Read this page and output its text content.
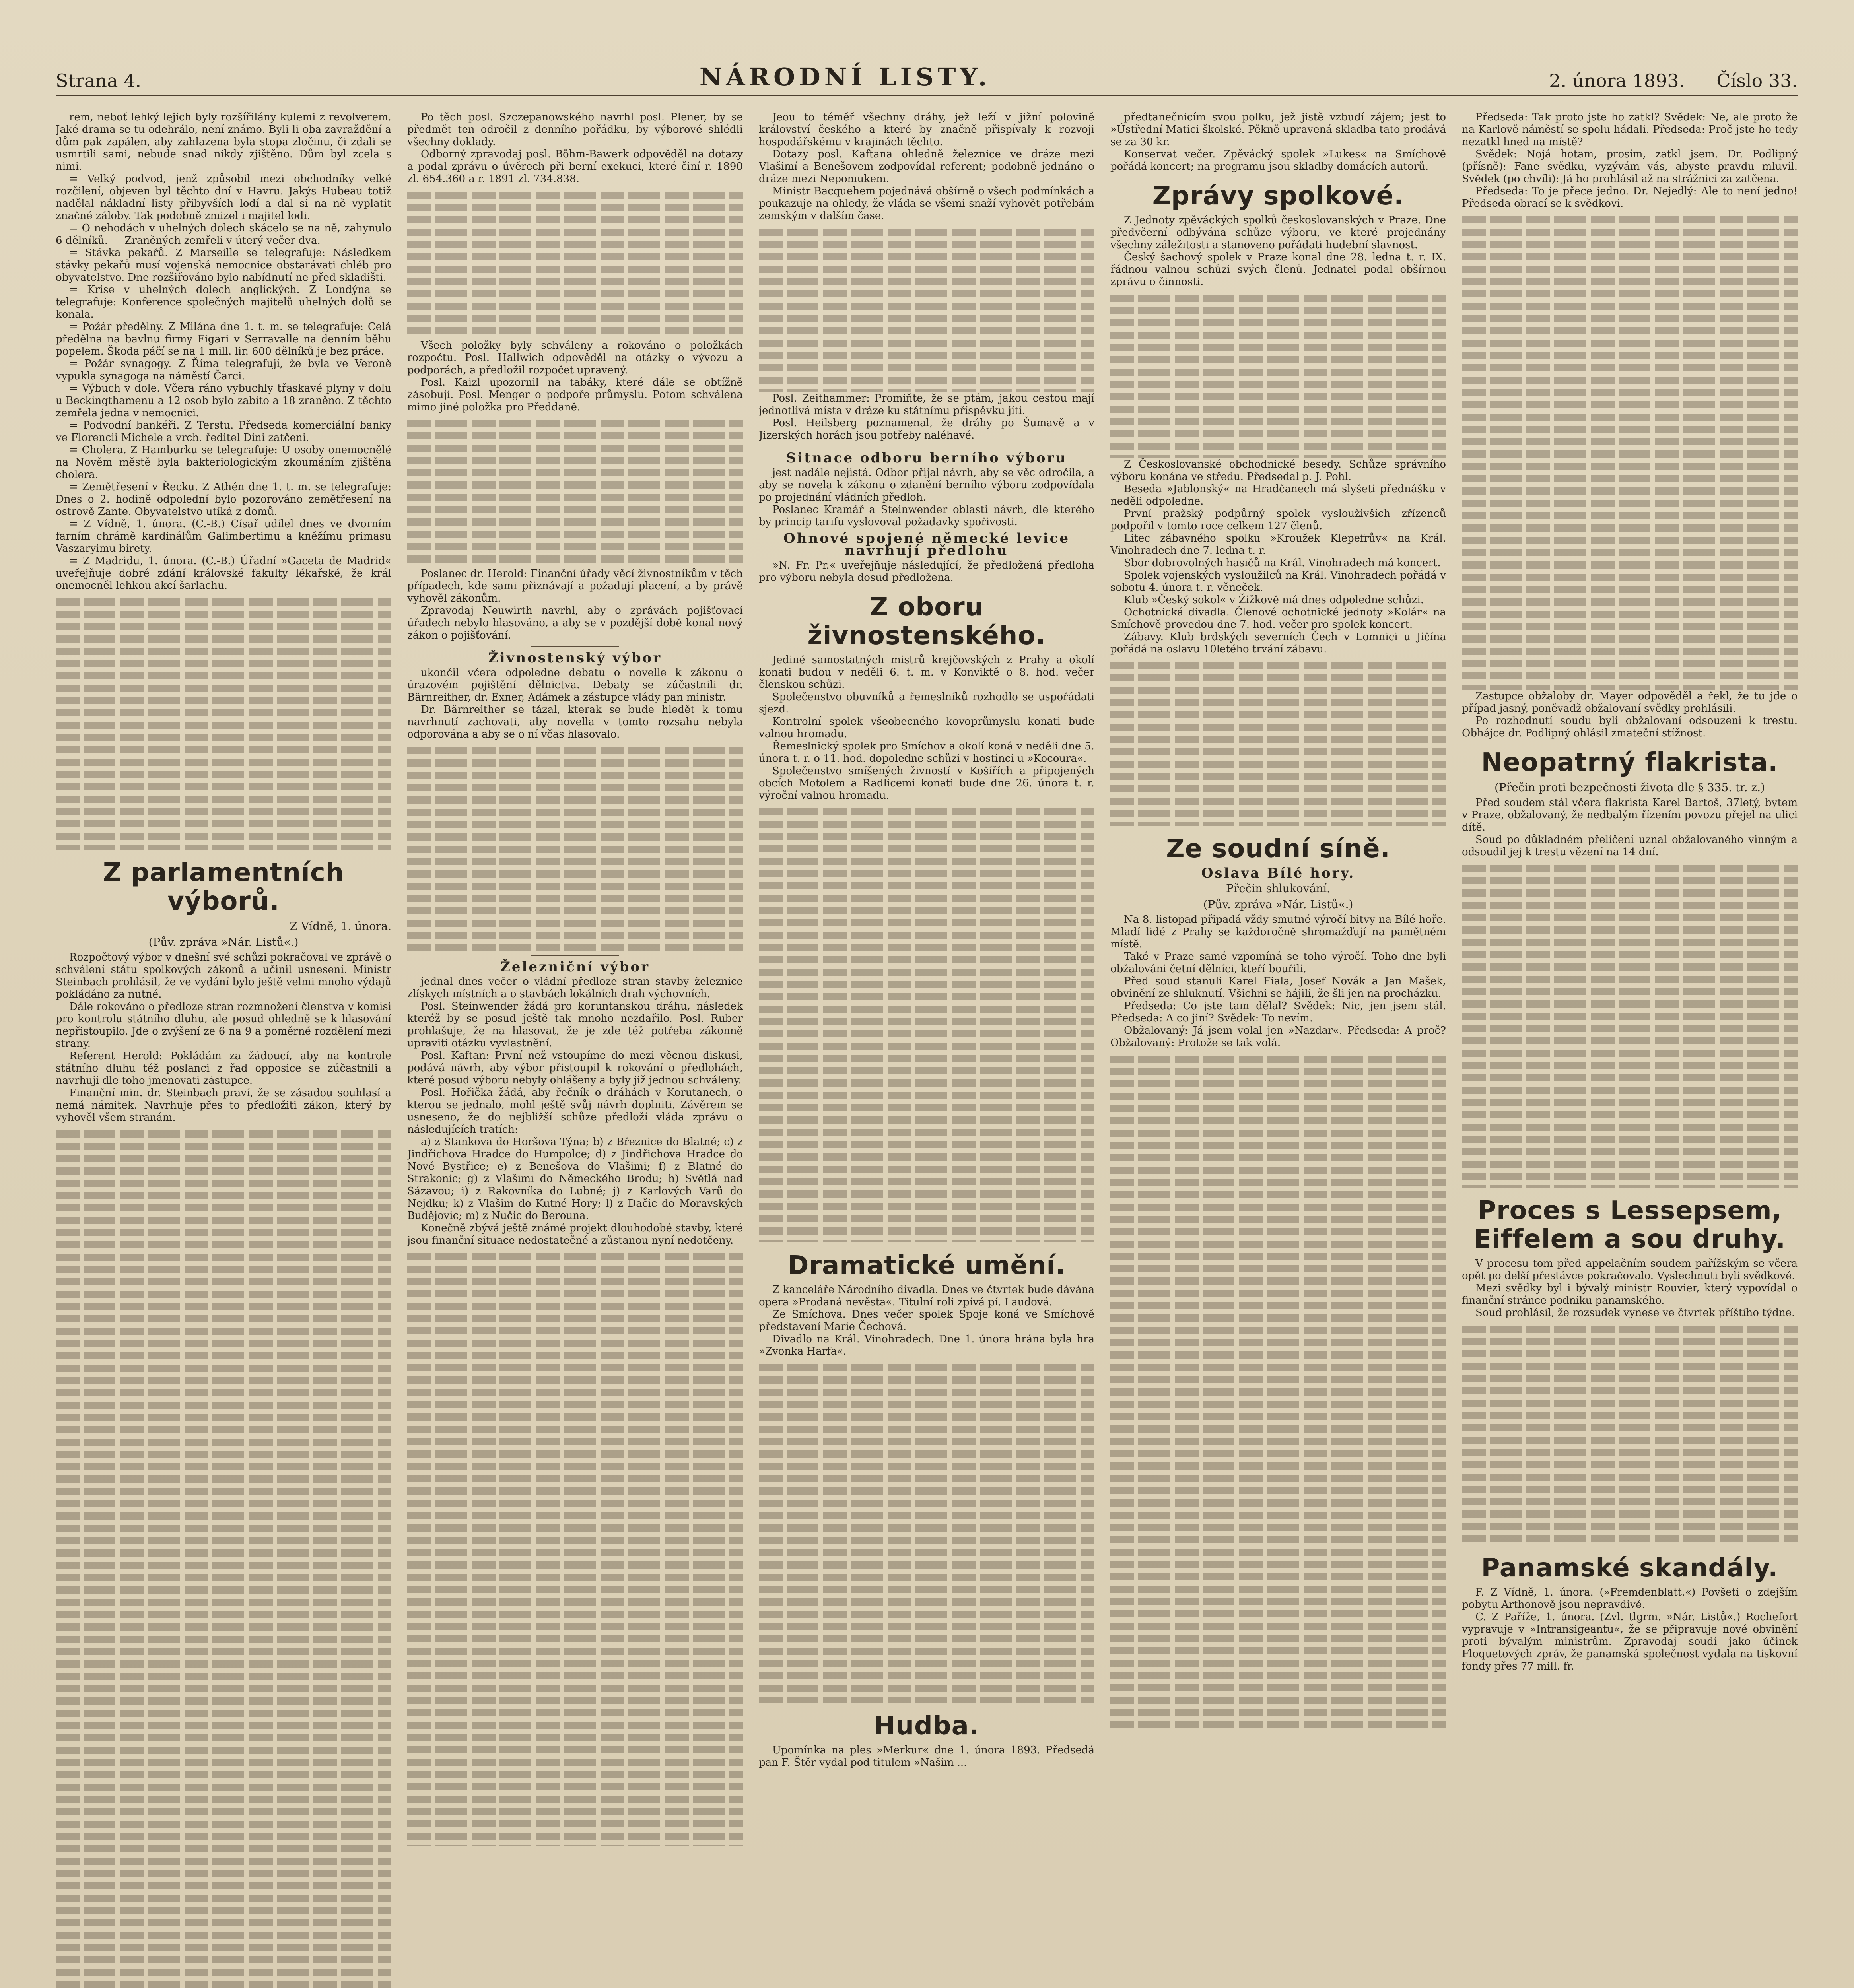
Strana 4.	NÁRODNÍ LISTY.	2. února 1893. Číslo 33.

rem, neboť lehký lejich byly rozšířilány kulemi z revolverem. Jaké drama se tu odehrálo, není známo. Byli-li oba zavraždění a dům pak zapálen, aby zahlazena byla stopa zločinu, či zdali se usmrtili sami, nebude snad nikdy zjištěno. Dům byl zcela s nimi.

= Velký podvod, jenž způsobil mezi obchodníky velké rozčilení, objeven byl těchto dní v Havru. Jakýs Hubeau totiž nadělal nákladní listy přibyvších lodí a dal si na ně vyplatit značné záloby. Tak podobně zmizel i majitel lodi.

= O nehodách v uhelných dolech skácelo se na ně, zahynulo 6 dělníků. — Zraněných zemřeli v úterý večer dva.

= Stávka pekařů. Z Marseille se telegrafuje: Následkem stávky pekařů musí vojenská nemocnice obstarávati chléb pro obyvatelstvo. Dne rozšiřováno bylo nabídnutí ne před skladišti.

= Krise v uhelných dolech anglických. Z Londýna se telegrafuje: Konference společných majitelů uhelných dolů se konala.

= Požár předělny. Z Milána dne 1. t. m. se telegrafuje: Celá předělna na bavlnu firmy Figari v Serravalle na denním běhu popelem. Škoda páčí se na 1 mill. lir. 600 dělníků je bez práce.

= Požár synagogy. Z Říma telegrafují, že byla ve Veroně vypukla synagoga na náměstí Čarci.

= Výbuch v dole. Včera ráno vybuchly třaskavé plyny v dolu u Beckingthamenu a 12 osob bylo zabito a 18 zraněno. Z těchto zemřela jedna v nemocnici.

= Podvodní bankéři. Z Terstu. Předseda komerciální banky ve Florencii Michele a vrch. ředitel Dini zatčeni.

= Cholera. Z Hamburku se telegrafuje: U osoby onemocnělé na Nověm městě byla bakteriologickým zkoumáním zjištěna cholera.

= Zemětřesení v Řecku. Z Athén dne 1. t. m. se telegrafuje: Dnes o 2. hodině odpolední bylo pozorováno zemětřesení na ostrově Zante. Obyvatelstvo utíká z domů.

= Z Vídně, 1. února. (C.-B.) Císař udílel dnes ve dvorním farním chrámě kardinálům Galimbertimu a kněžímu primasu Vaszaryimu birety.

= Z Madridu, 1. února. (C.-B.) Úřadní »Gaceta de Madrid« uveřejňuje dobré zdání královské fakulty lékařské, že král onemocněl lehkou akcí šarlachu.

Z parlamentních výborů.
Z Vídně, 1. února.
(Pův. zpráva »Nár. Listů«.)

Rozpočtový výbor v dnešní své schůzi pokračoval ve zprávě o schválení státu spolkových zákonů a učinil usnesení. Ministr Steinbach prohlásil, že ve vydání bylo ještě velmi mnoho výdajů pokládáno za nutné.

Dále rokováno o předloze stran rozmnožení členstva v komisi pro kontrolu státního dluhu, ale posud ohledně se k hlasování nepřistoupilo. Jde o zvýšení ze 6 na 9 a poměrné rozdělení mezi strany.

Referent Herold: Pokládám za žádoucí, aby na kontrole státního dluhu též poslanci z řad opposice se zúčastnili a navrhuji dle toho jmenovati zástupce.

Finanční min. dr. Steinbach praví, že se zásadou souhlasí a nemá námitek. Navrhuje přes to předložiti zákon, který by vyhověl všem stranám.

Po těch posl. Szczepanowského navrhl posl. Plener, by se předmět ten odročil z denního pořádku, by výborové shlédli všechny doklady.

Odborný zpravodaj posl. Böhm-Bawerk odpověděl na dotazy a podal zprávu o úvěrech při berní exekuci, které činí r. 1890 zl. 654.360 a r. 1891 zl. 734.838.

Všech položky byly schváleny a rokováno o položkách rozpočtu. Posl. Hallwich odpověděl na otázky o vývozu a podporách, a předložil rozpočet upravený.

Posl. Kaizl upozornil na tabáky, které dále se obtížně zásobují. Posl. Menger o podpoře průmyslu. Potom schválena mimo jiné položka pro Předdaně.

Poslanec dr. Herold: Finanční úřady věcí živnostníkům v těch případech, kde sami přiznávají a požadují placení, a by právě vyhověl zákonům.

Zpravodaj Neuwirth navrhl, aby o zprávách pojišťovací úřadech nebylo hlasováno, a aby se v pozdější době konal nový zákon o pojišťování.

Živnostenský výbor

ukončil včera odpoledne debatu o novelle k zákonu o úrazovém pojištění dělnictva. Debaty se zúčastnili dr. Bärnreither, dr. Exner, Adámek a zástupce vlády pan ministr.

Dr. Bärnreither se tázal, kterak se bude hledět k tomu navrhnutí zachovati, aby novella v tomto rozsahu nebyla odporována a aby se o ní včas hlasovalo.

Železniční výbor

jednal dnes večer o vládní předloze stran stavby železnice zlískych místních a o stavbách lokálních drah výchovních.

Posl. Steinwender žádá pro koruntanskou dráhu, následek kteréž by se posud ještě tak mnoho nezdařilo. Posl. Ruber prohlašuje, že na hlasovat, že je zde též potřeba zákonně upraviti otázku vyvlastnění.

Posl. Kaftan: První než vstoupíme do mezi věcnou diskusi, podává návrh, aby výbor přistoupil k rokování o předlohách, které posud výboru nebyly ohlášeny a byly již jednou schváleny.

Posl. Hořička žádá, aby řečník o dráhách v Korutanech, o kterou se jednalo, mohl ještě svůj návrh doplniti. Závěrem se usneseno, že do nejbližší schůze předloží vláda zprávu o následujících tratích:

a) z Stankova do Horšova Týna; b) z Březnice do Blatné; c) z Jindřichova Hradce do Humpolce; d) z Jindřichova Hradce do Nové Bystřice; e) z Benešova do Vlašimi; f) z Blatné do Strakonic; g) z Vlašimi do Německého Brodu; h) Světlá nad Sázavou; i) z Rakovníka do Lubné; j) z Karlových Varů do Nejdku; k) z Vlašim do Kutné Hory; l) z Dačic do Moravských Budějovic; m) z Nučic do Berouna.

Konečně zbývá ještě známé projekt dlouhodobé stavby, které jsou finanční situace nedostatečné a zůstanou nyní nedotčeny.

Jeou to téměř všechny dráhy, jež leží v jižní polovině království českého a které by značně přispívaly k rozvoji hospodářskému v krajinách těchto.

Dotazy posl. Kaftana ohledně železnice ve dráze mezi Vlašimí a Benešovem zodpovídal referent; podobně jednáno o dráze mezi Nepomukem.

Ministr Bacquehem pojednává obšírně o všech podmínkách a poukazuje na ohledy, že vláda se všemi snaží vyhovět potřebám zemským v dalším čase.

Posl. Zeithammer: Promiňte, že se ptám, jakou cestou mají jednotlivá místa v dráze ku státnímu příspěvku jíti.

Posl. Heilsberg poznamenal, že dráhy po Šumavě a v Jizerských horách jsou potřeby naléhavé.

Sitnace odboru berního výboru

jest nadále nejistá. Odbor přijal návrh, aby se věc odročila, a aby se novela k zákonu o zdanění berního výboru zodpovídala po projednání vládních předloh.

Poslanec Kramář a Steinwender oblasti návrh, dle kterého by princip tarifu vyslovoval požadavky spořivosti.

Ohnové spojené německé levice navrhují předlohu

»N. Fr. Pr.« uveřejňuje následující, že předložená předloha pro výboru nebyla dosud předložena.

Z oboru živnostenského.

Jediné samostatných mistrů krejčovských z Prahy a okolí konati budou v neděli 6. t. m. v Konviktě o 8. hod. večer členskou schůzi.

Společenstvo obuvníků a řemeslníků rozhodlo se uspořádati sjezd.

Kontrolní spolek všeobecného kovoprůmyslu konati bude valnou hromadu.

Řemeslnický spolek pro Smíchov a okolí koná v neděli dne 5. února t. r. o 11. hod. dopoledne schůzi v hostinci u »Kocoura«.

Společenstvo smíšených živností v Košířích a připojených obcích Motolem a Radlicemi konati bude dne 26. února t. r. výroční valnou hromadu.

Dramatické umění.

Z kanceláře Národního divadla. Dnes ve čtvrtek bude dávána opera »Prodaná nevěsta«. Titulní roli zpívá pí. Laudová.

Ze Smíchova. Dnes večer spolek Spoje koná ve Smíchově představení Marie Čechová.

Divadlo na Král. Vinohradech. Dne 1. února hrána byla hra »Zvonka Harfa«.

Hudba.

Upomínka na ples »Merkur« dne 1. února 1893. Předsedá pan F. Štěr vydal pod titulem »Našim ...

předtanečnicím svou polku, jež jistě vzbudí zájem; jest to »Ústřední Matici školské. Pěkně upravená skladba tato prodává se za 30 kr.

Konservat večer. Zpěvácký spolek »Lukes« na Smíchově pořádá koncert; na programu jsou skladby domácích autorů.

Zprávy spolkové.

Z Jednoty zpěváckých spolků českoslovanských v Praze. Dne předvčerní odbývána schůze výboru, ve které projednány všechny záležitosti a stanoveno pořádati hudební slavnost.

Český šachový spolek v Praze konal dne 28. ledna t. r. IX. řádnou valnou schůzi svých členů. Jednatel podal obšírnou zprávu o činnosti.

Z Českoslovanské obchodnické besedy. Schůze správního výboru konána ve středu. Předsedal p. J. Pohl.

Beseda »Jablonský« na Hradčanech má slyšeti přednášku v neděli odpoledne.

První pražský podpůrný spolek vyslouživších zřízenců podpořil v tomto roce celkem 127 členů.

Litec zábavného spolku »Kroužek Klepefrův« na Král. Vinohradech dne 7. ledna t. r.

Sbor dobrovolných hasičů na Král. Vinohradech má koncert.

Spolek vojenských vysloužilců na Král. Vinohradech pořádá v sobotu 4. února t. r. věneček.

Klub »Český sokol« v Žižkově má dnes odpoledne schůzi.

Ochotnická divadla. Členové ochotnické jednoty »Kolár« na Smíchově provedou dne 7. hod. večer pro spolek koncert.

Zábavy. Klub brdských severních Čech v Lomnici u Jičína pořádá na oslavu 10letého trvání zábavu.

Ze soudní síně.
Oslava Bílé hory.
Přečin shlukování.
(Pův. zpráva »Nár. Listů«.)

Na 8. listopad připadá vždy smutné výročí bitvy na Bílé hoře. Mladí lidé z Prahy se každoročně shromažďují na pamětném místě.

Také v Praze samé vzpomíná se toho výročí. Toho dne byli obžalováni četní dělníci, kteří bouřili.

Před soud stanuli Karel Fiala, Josef Novák a Jan Mašek, obvinění ze shluknutí. Všichni se hájili, že šli jen na procházku.

Předseda: Co jste tam dělal? Svědek: Nic, jen jsem stál. Předseda: A co jiní? Svědek: To nevím.

Obžalovaný: Já jsem volal jen »Nazdar«. Předseda: A proč? Obžalovaný: Protože se tak volá.

Předseda: Tak proto jste ho zatkl? Svědek: Ne, ale proto že na Karlově náměstí se spolu hádali. Předseda: Proč jste ho tedy nezatkl hned na místě?

Svědek: Nojá hotam, prosím, zatkl jsem. Dr. Podlipný (přísně): Fane svědku, vyzývám vás, abyste pravdu mluvil. Svědek (po chvíli): Já ho prohlásil až na strážnici za zatčena.

Předseda: To je přece jedno. Dr. Nejedlý: Ale to není jedno! Předseda obrací se k svědkovi.

Zastupce obžaloby dr. Mayer odpověděl a řekl, že tu jde o případ jasný, poněvadž obžalovaní svědky prohlásili.

Po rozhodnutí soudu byli obžalovaní odsouzeni k trestu. Obhájce dr. Podlipný ohlásil zmateční stížnost.

Neopatrný flakrista.
(Přečin proti bezpečnosti života dle § 335. tr. z.)

Před soudem stál včera flakrista Karel Bartoš, 37letý, bytem v Praze, obžalovaný, že nedbalým řízením povozu přejel na ulici dítě.

Soud po důkladném přelíčení uznal obžalovaného vinným a odsoudil jej k trestu vězení na 14 dní.

Proces s Lessepsem, Eiffelem a sou druhy.

V procesu tom před appelačním soudem pařížským se včera opět po delší přestávce pokračovalo. Vyslechnuti byli svědkové.

Mezi svědky byl i bývalý ministr Rouvier, který vypovídal o finanční stránce podniku panamského.

Soud prohlásil, že rozsudek vynese ve čtvrtek příštího týdne.

Panamské skandály.

F. Z Vídně, 1. února. (»Fremdenblatt.«) Povšeti o zdejším pobytu Arthonově jsou nepravdivé.

C. Z Paříže, 1. února. (Zvl. tlgrm. »Nár. Listů«.) Rochefort vypravuje v »Intransigeantu«, že se připravuje nové obvinění proti bývalým ministrům. Zpravodaj soudí jako účinek Floquetových zpráv, že panamská společnost vydala na tiskovní fondy přes 77 mill. fr.
